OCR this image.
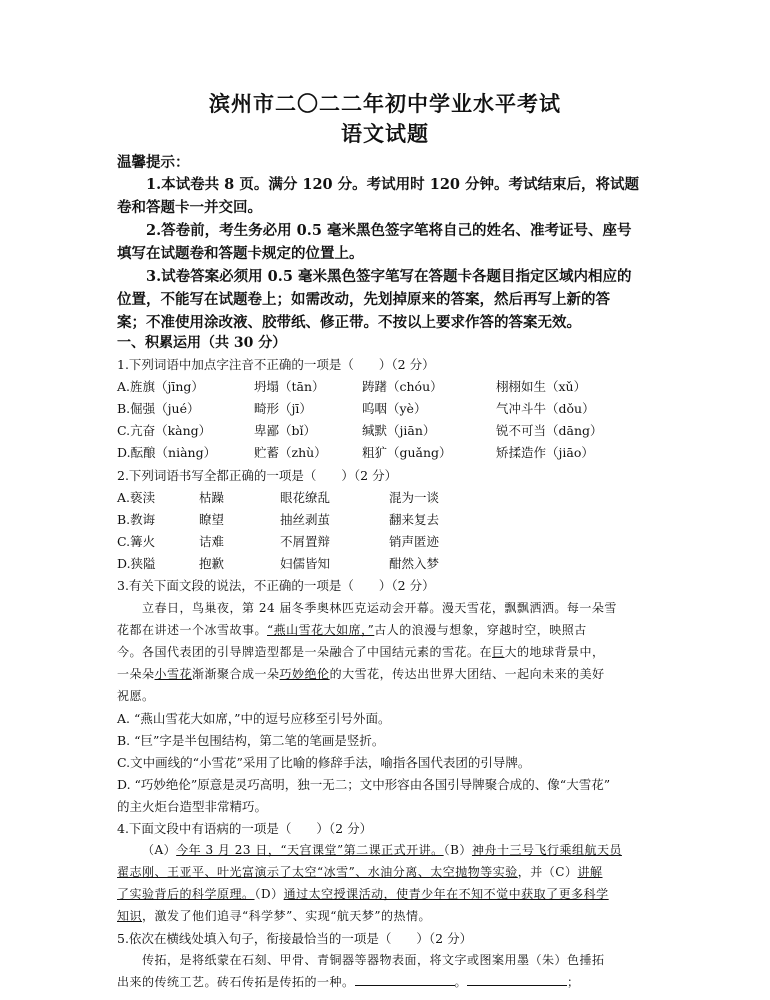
滨州市二〇二二年初中学业水平考试
语文试题
温馨提示：
1.本试卷共 8 页。满分 120 分。考试用时 120 分钟。考试结束后，将试题
卷和答题卡一并交回。
2.答卷前，考生务必用 0.5 毫米黑色签字笔将自己的姓名、准考证号、座号
填写在试题卷和答题卡规定的位置上。
3.试卷答案必须用 0.5 毫米黑色签字笔写在答题卡各题目指定区域内相应的
位置，不能写在试题卷上；如需改动，先划掉原来的答案，然后再写上新的答
案；不准使用涂改液、胶带纸、修正带。不按以上要求作答的答案无效。
一、积累运用（共 30 分）
1.下列词语中加点字注音不正确的一项是（　　）（2 分）
A.旌旗（jīng）	坍塌（tān）	踌躇（chóu）	栩栩如生（xǔ）
B.倔强（jué）	畸形（jī）	呜咽（yè）	气冲斗牛（dǒu）
C.亢奋（kàng）	卑鄙（bǐ）	缄默（jiān）	锐不可当（dāng）
D.酝酿（niàng）	贮蓄（zhù）	粗犷（guǎng）	矫揉造作（jiāo）
2.下列词语书写全都正确的一项是（　　）（2 分）
A.亵渎	枯躁	眼花缭乱	混为一谈
B.教诲	瞭望	抽丝剥茧	翻来复去
C.篝火	诘难	不屑置辩	销声匿迹
D.狭隘	抱歉	妇儒皆知	酣然入梦
3.有关下面文段的说法，不正确的一项是（　　）（2 分）
立春日，鸟巢夜，第 24 届冬季奥林匹克运动会开幕。漫天雪花，飘飘洒洒。每一朵雪
花都在讲述一个冰雪故事。“燕山雪花大如席，”古人的浪漫与想象，穿越时空，映照古
今。各国代表团的引导牌造型都是一朵融合了中国结元素的雪花。在巨大的地球背景中，
一朵朵小雪花渐渐聚合成一朵巧妙绝伦的大雪花，传达出世界大团结、一起向未来的美好
祝愿。
A. “燕山雪花大如席，”中的逗号应移至引号外面。
B. “巨”字是半包围结构，第二笔的笔画是竖折。
C.文中画线的“小雪花”采用了比喻的修辞手法，喻指各国代表团的引导牌。
D. “巧妙绝伦”原意是灵巧高明，独一无二；文中形容由各国引导牌聚合成的、像“大雪花”
的主火炬台造型非常精巧。
4.下面文段中有语病的一项是（　　）（2 分）
（A）今年 3 月 23 日，“天宫课堂”第二课正式开讲。（B）神舟十三号飞行乘组航天员
翟志刚、王亚平、叶光富演示了太空“冰雪”、水油分离、太空抛物等实验，并（C）讲解
了实验背后的科学原理。（D）通过太空授课活动，使青少年在不知不觉中获取了更多科学
知识，激发了他们追寻“科学梦”、实现“航天梦”的热情。
5.依次在横线处填入句子，衔接最恰当的一项是（　　）（2 分）
传拓，是将纸蒙在石刻、甲骨、青铜器等器物表面，将文字或图案用墨（朱）色捶拓
出来的传统工艺。砖石传拓是传拓的一种。	。	；
